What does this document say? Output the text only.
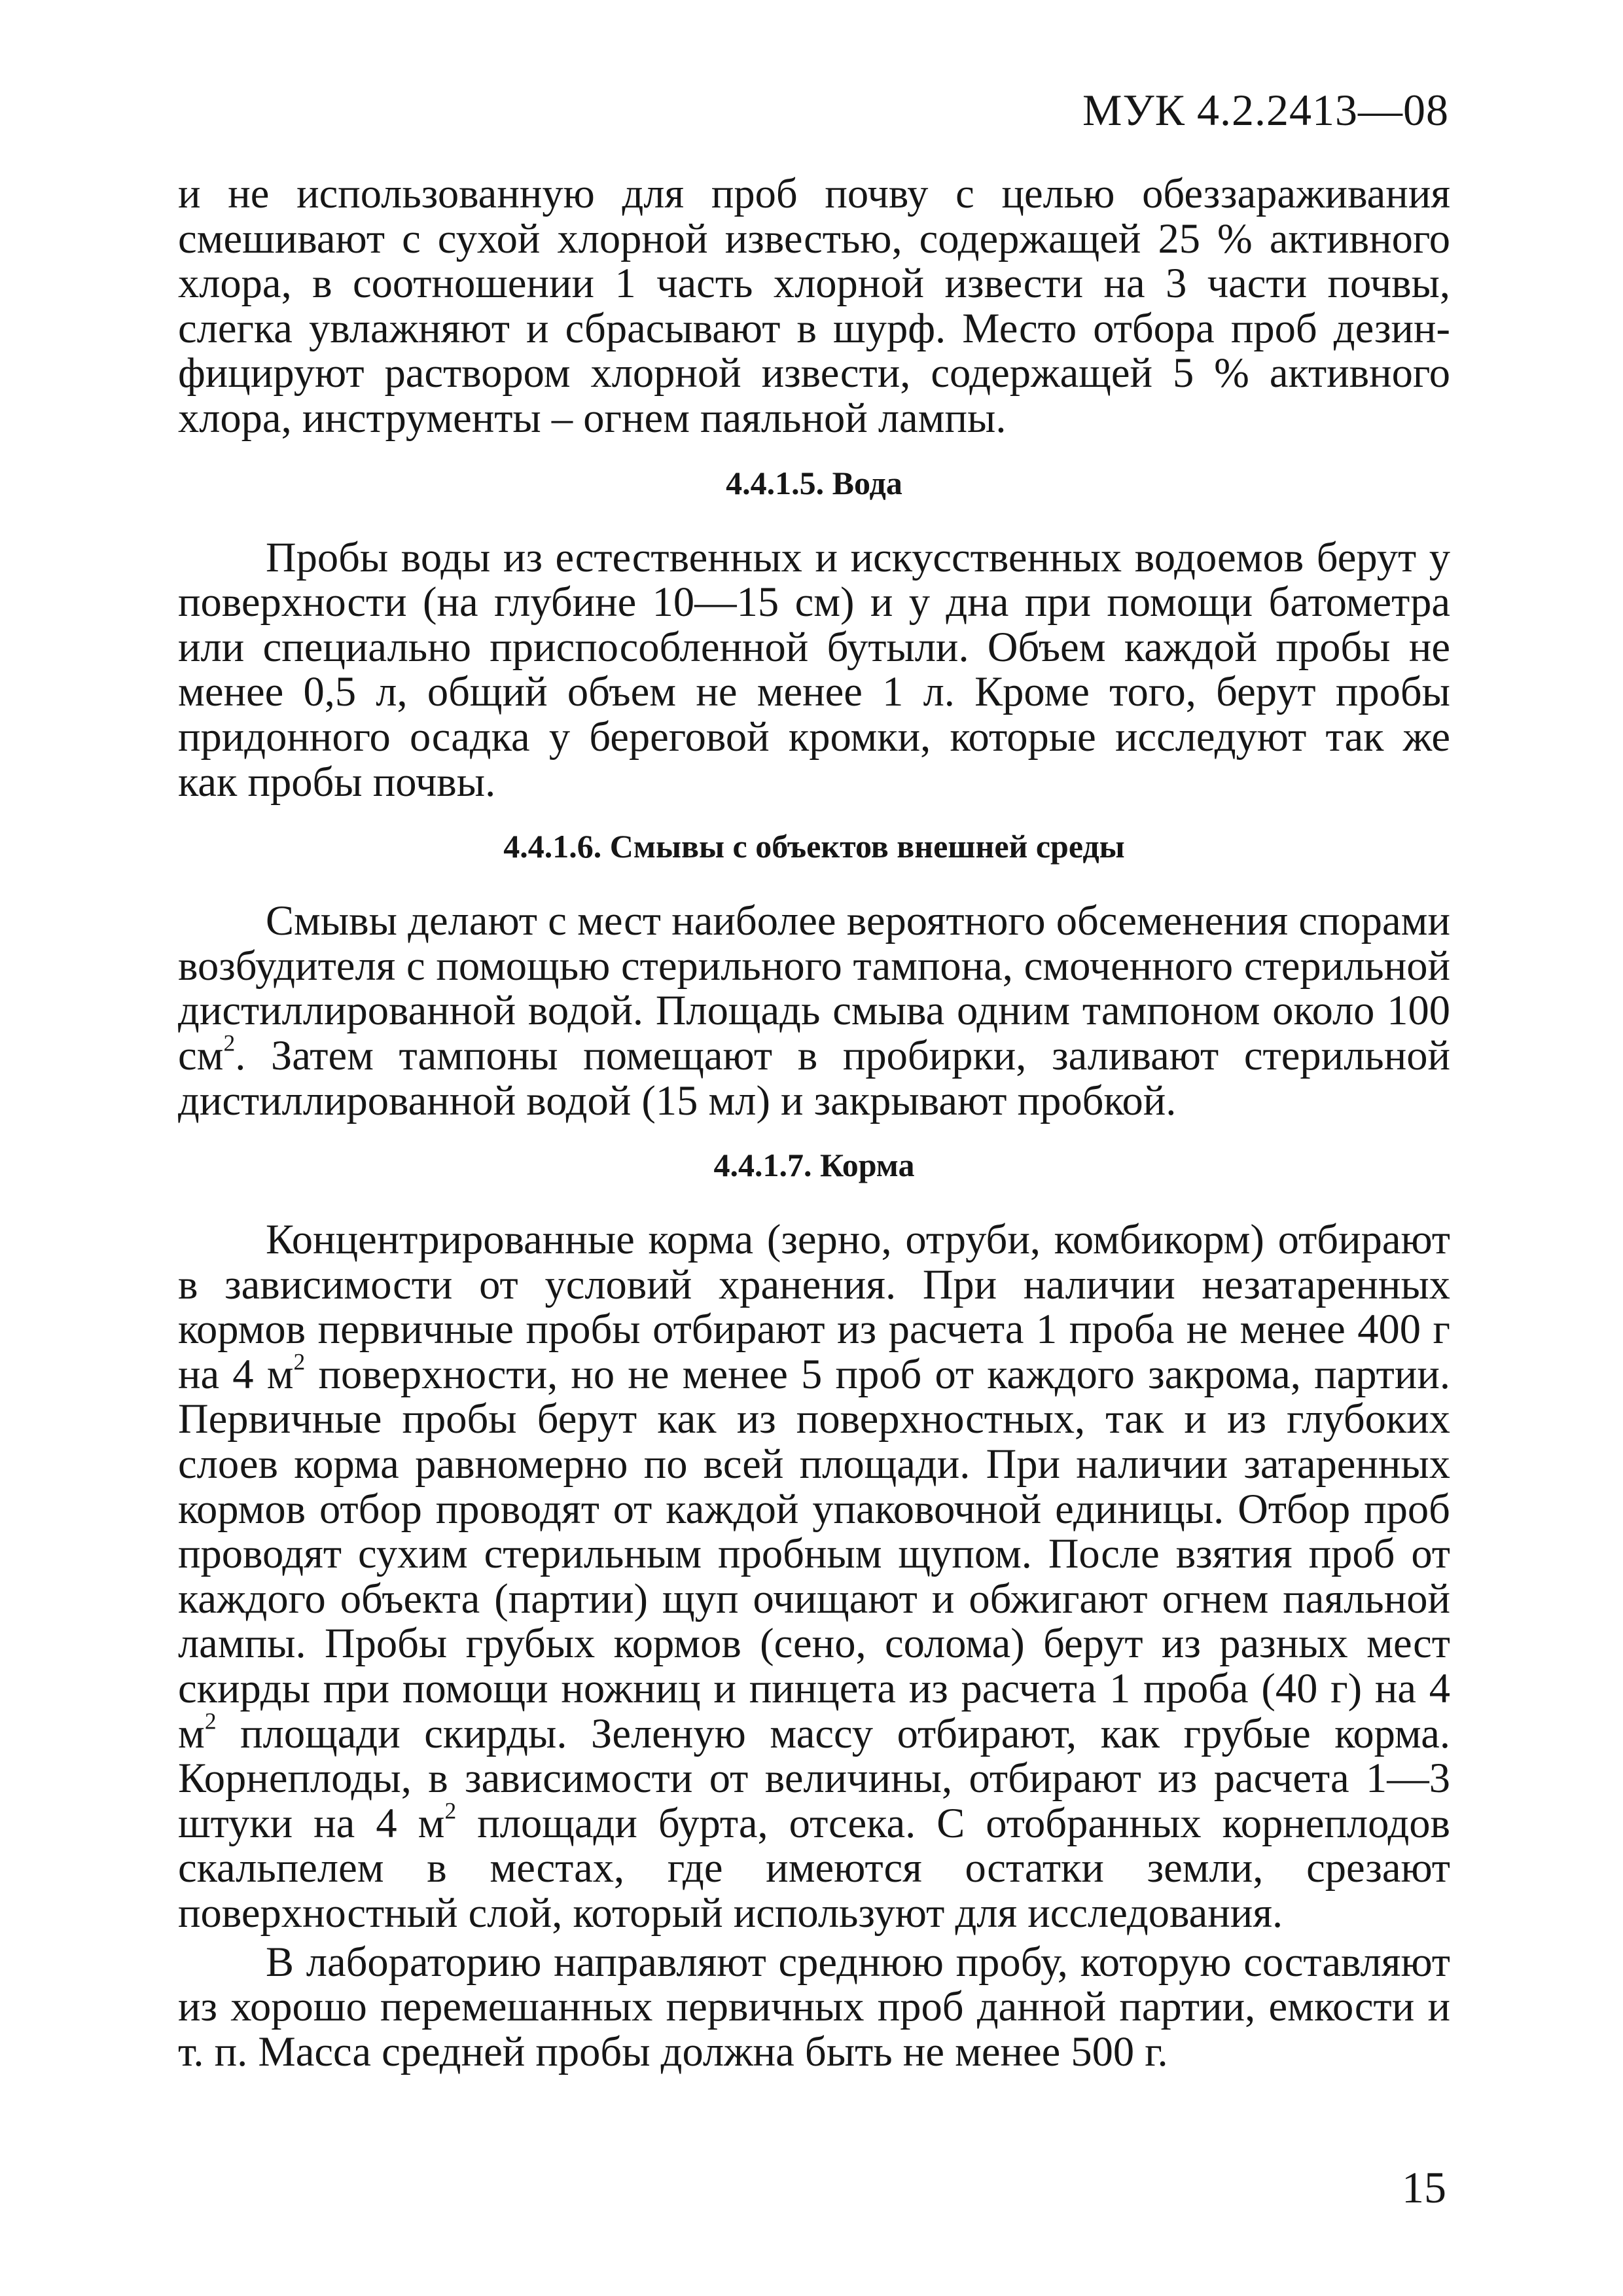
МУК 4.2.2413—08

и не использованную для проб почву с целью обеззараживания смешивают с сухой хлорной известью, содержащей 25 % активного хлора, в соотношении 1 часть хлорной извести на 3 части почвы, слегка увлажняют и сбрасывают в шурф. Место отбора проб дезинфицируют раствором хлорной извести, содержащей 5 % активного хлора, инструменты – огнем паяльной лампы.

4.4.1.5. Вода

Пробы воды из естественных и искусственных водоемов берут у поверхности (на глубине 10—15 см) и у дна при помощи батометра или специально приспособленной бутыли. Объем каждой пробы не менее 0,5 л, общий объем не менее 1 л. Кроме того, берут пробы придонного осадка у береговой кромки, которые исследуют так же как пробы почвы.

4.4.1.6. Смывы с объектов внешней среды

Смывы делают с мест наиболее вероятного обсеменения спорами возбудителя с помощью стерильного тампона, смоченного стерильной дистиллированной водой. Площадь смыва одним тампоном около 100 $см^2$. Затем тампоны помещают в пробирки, заливают стерильной дистиллированной водой (15 мл) и закрывают пробкой.

4.4.1.7. Корма

Концентрированные корма (зерно, отруби, комбикорм) отбирают в зависимости от условий хранения. При наличии незатаренных кормов первичные пробы отбирают из расчета 1 проба не менее 400 г на 4 $м^2$ поверхности, но не менее 5 проб от каждого закрома, партии. Первичные пробы берут как из поверхностных, так и из глубоких слоев корма равномерно по всей площади. При наличии затаренных кормов отбор проводят от каждой упаковочной единицы. Отбор проб проводят сухим стерильным пробным щупом. После взятия проб от каждого объекта (партии) щуп очищают и обжигают огнем паяльной лампы. Пробы грубых кормов (сено, солома) берут из разных мест скирды при помощи ножниц и пинцета из расчета 1 проба (40 г) на 4 $м^2$ площади скирды. Зеленую массу отбирают, как грубые корма. Корнеплоды, в зависимости от величины, отбирают из расчета 1—3 штуки на 4 $м^2$ площади бурта, отсека. С отобранных корнеплодов скальпелем в местах, где имеются остатки земли, срезают поверхностный слой, который используют для исследования.

В лабораторию направляют среднюю пробу, которую составляют из хорошо перемешанных первичных проб данной партии, емкости и т. п. Масса средней пробы должна быть не менее 500 г.

15
